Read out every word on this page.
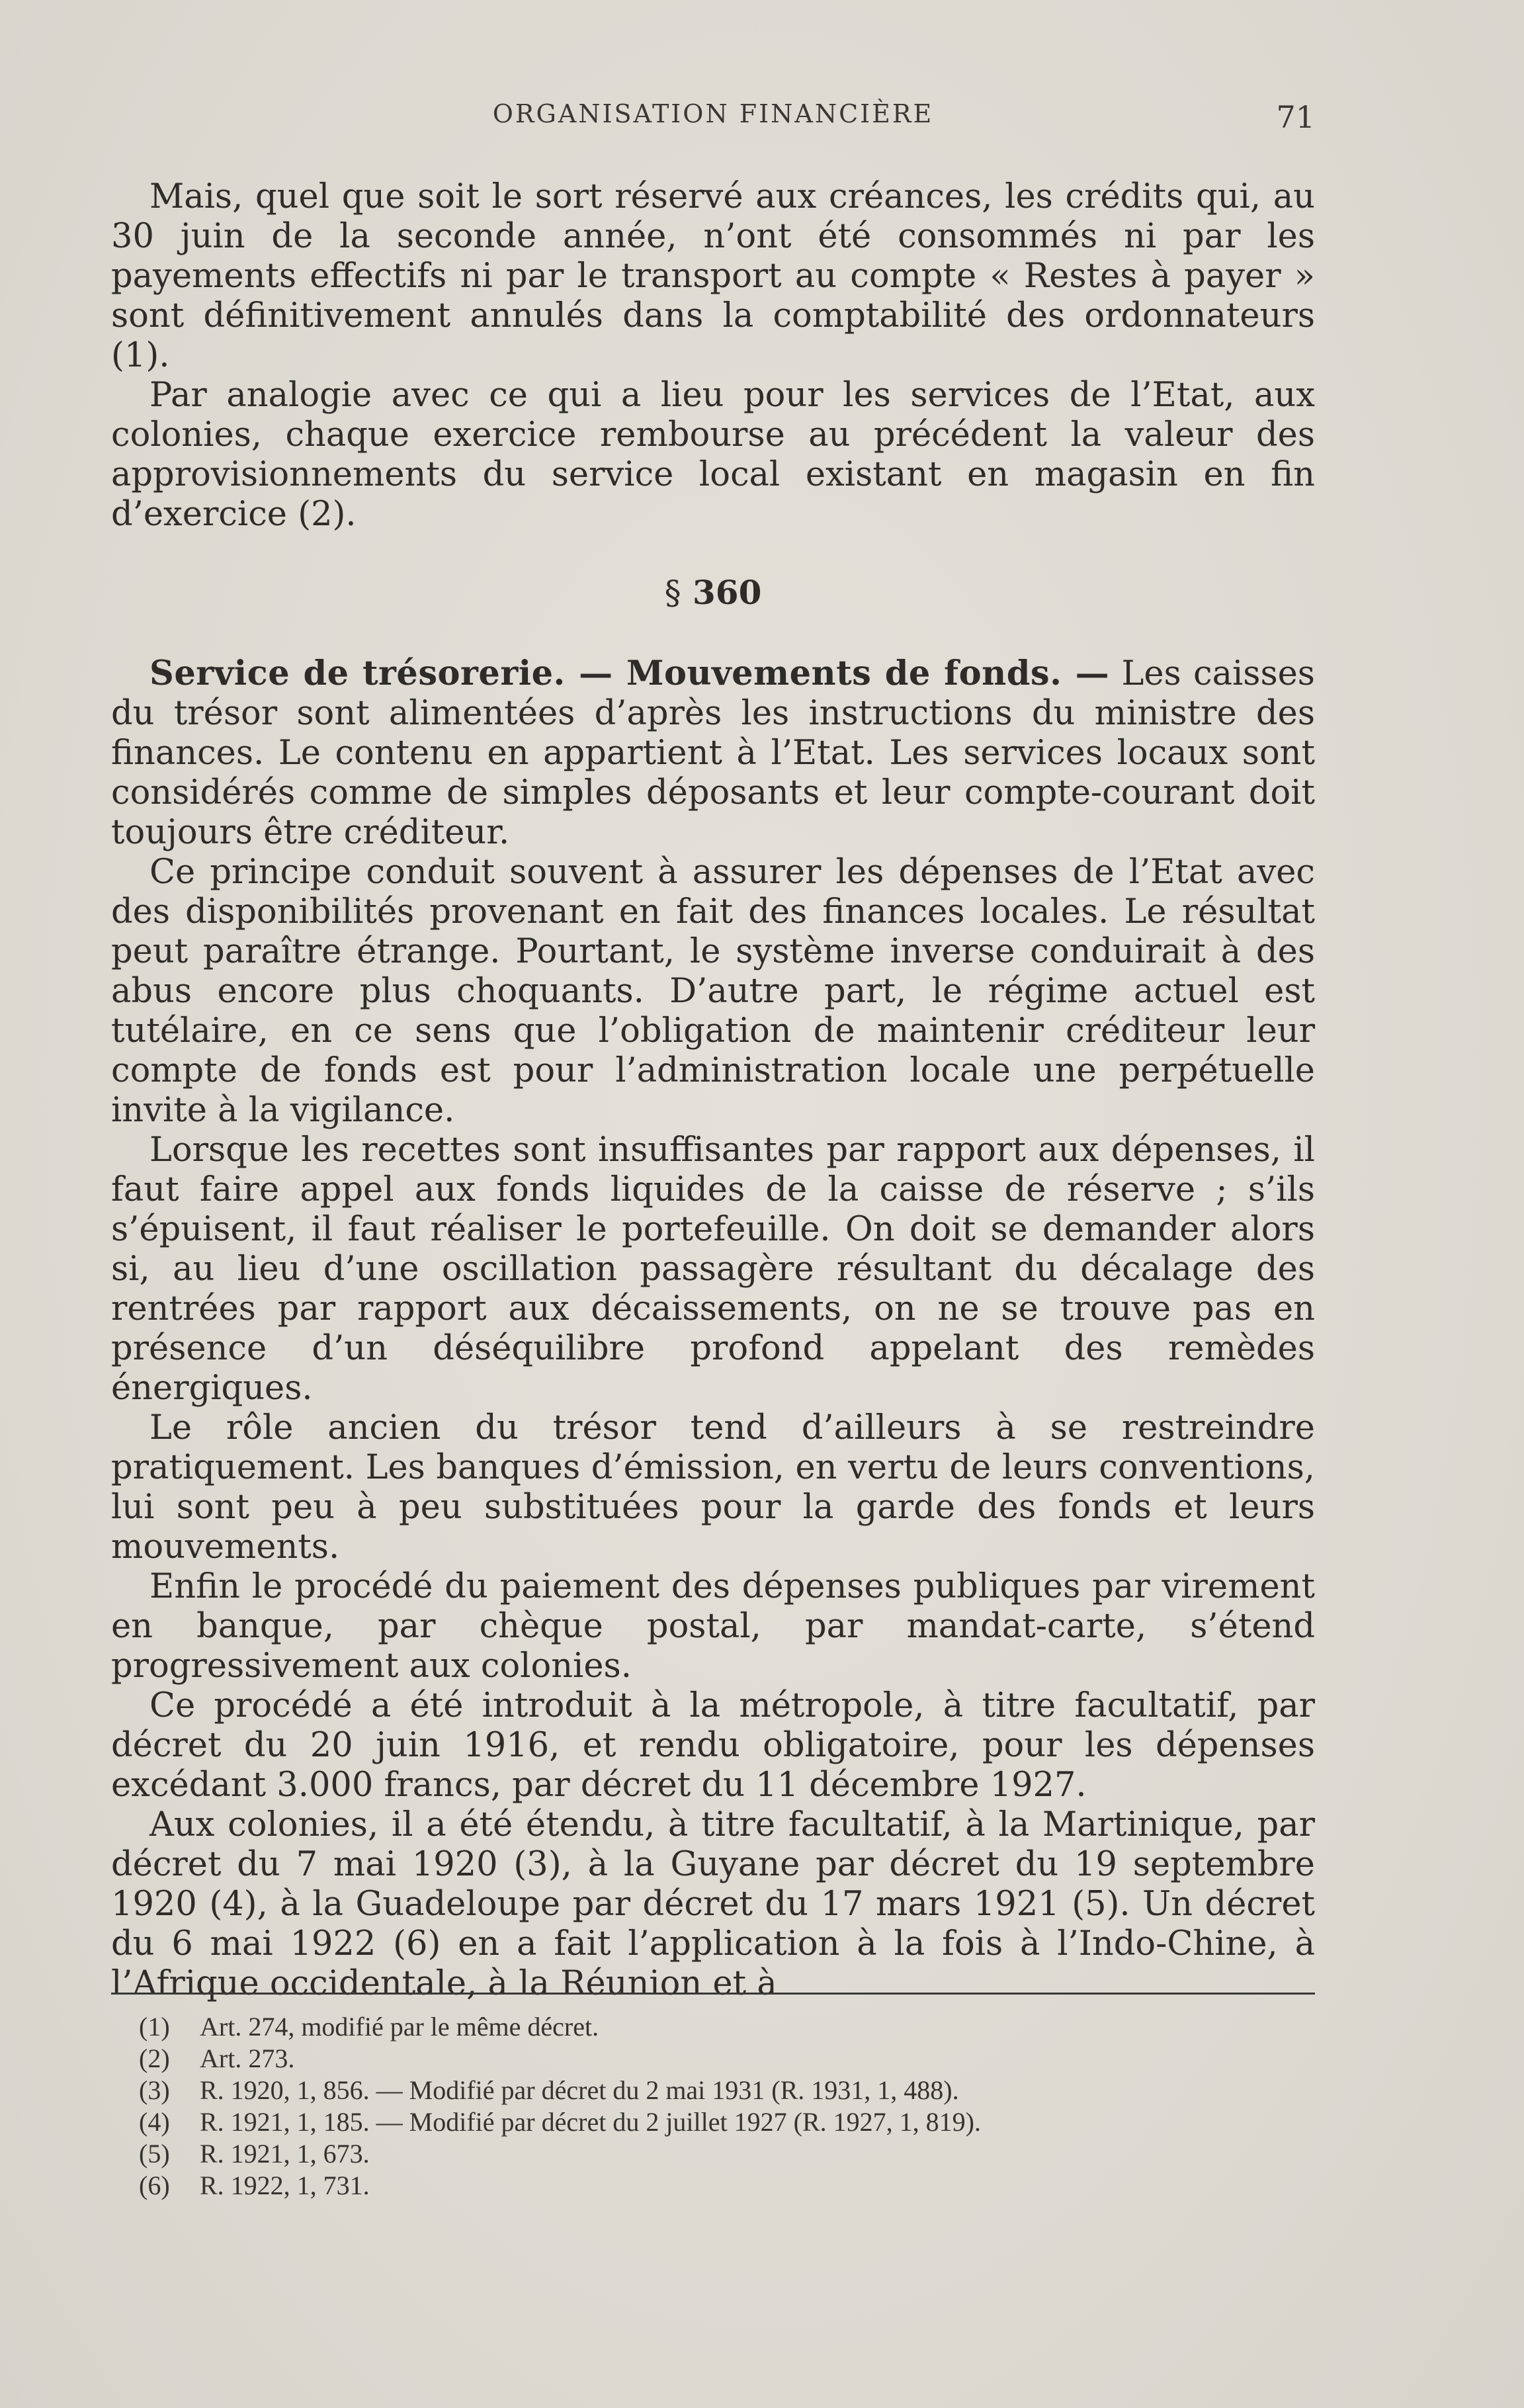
ORGANISATION FINANCIÈRE	71

Mais, quel que soit le sort réservé aux créances, les crédits qui, au 30 juin de la seconde année, n’ont été consommés ni par les payements effectifs ni par le transport au compte « Restes à payer » sont définitivement annulés dans la comptabilité des ordonnateurs (1).

Par analogie avec ce qui a lieu pour les services de l’Etat, aux colonies, chaque exercice rembourse au précédent la valeur des approvisionnements du service local existant en magasin en fin d’exercice (2).

§ 360

Service de trésorerie. — Mouvements de fonds. — Les caisses du trésor sont alimentées d’après les instructions du ministre des finances. Le contenu en appartient à l’Etat. Les services locaux sont considérés comme de simples déposants et leur compte-courant doit toujours être créditeur.

Ce principe conduit souvent à assurer les dépenses de l’Etat avec des disponibilités provenant en fait des finances locales. Le résultat peut paraître étrange. Pourtant, le système inverse conduirait à des abus encore plus choquants. D’autre part, le régime actuel est tutélaire, en ce sens que l’obligation de maintenir créditeur leur compte de fonds est pour l’administration locale une perpétuelle invite à la vigilance.

Lorsque les recettes sont insuffisantes par rapport aux dépenses, il faut faire appel aux fonds liquides de la caisse de réserve ; s’ils s’épuisent, il faut réaliser le portefeuille. On doit se demander alors si, au lieu d’une oscillation passagère résultant du décalage des rentrées par rapport aux décaissements, on ne se trouve pas en présence d’un déséquilibre profond appelant des remèdes énergiques.

Le rôle ancien du trésor tend d’ailleurs à se restreindre pratiquement. Les banques d’émission, en vertu de leurs conventions, lui sont peu à peu substituées pour la garde des fonds et leurs mouvements.

Enfin le procédé du paiement des dépenses publiques par virement en banque, par chèque postal, par mandat-carte, s’étend progressivement aux colonies.

Ce procédé a été introduit à la métropole, à titre facultatif, par décret du 20 juin 1916, et rendu obligatoire, pour les dépenses excédant 3.000 francs, par décret du 11 décembre 1927.

Aux colonies, il a été étendu, à titre facultatif, à la Martinique, par décret du 7 mai 1920 (3), à la Guyane par décret du 19 septembre 1920 (4), à la Guadeloupe par décret du 17 mars 1921 (5). Un décret du 6 mai 1922 (6) en a fait l’application à la fois à l’Indo-Chine, à l’Afrique occidentale, à la Réunion et à

(1) Art. 274, modifié par le même décret.
(2) Art. 273.
(3) R. 1920, 1, 856. — Modifié par décret du 2 mai 1931 (R. 1931, 1, 488).
(4) R. 1921, 1, 185. — Modifié par décret du 2 juillet 1927 (R. 1927, 1, 819).
(5) R. 1921, 1, 673.
(6) R. 1922, 1, 731.
